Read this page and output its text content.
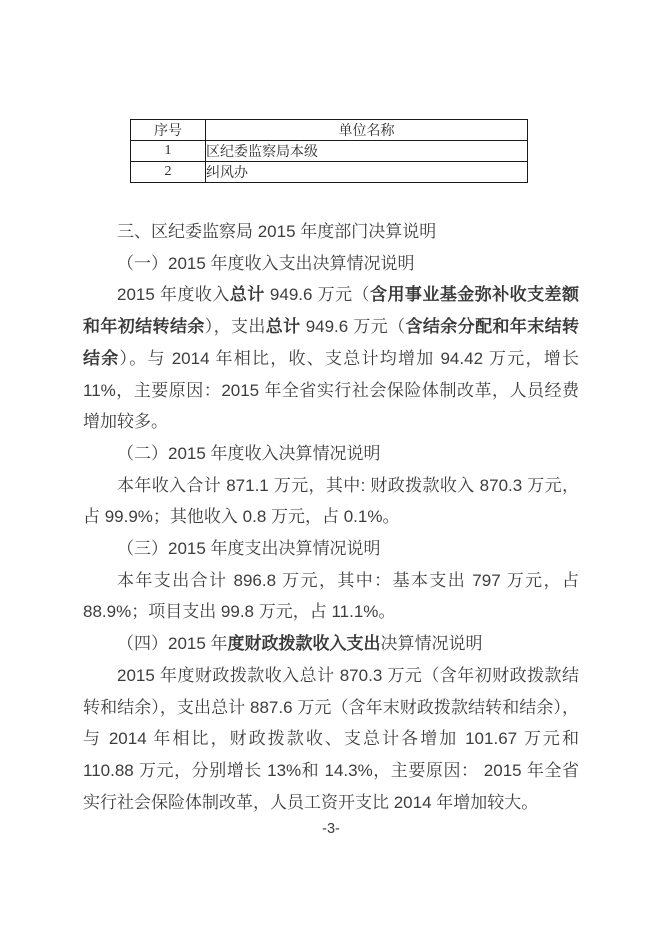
序号	单位名称
1	区纪委监察局本级
2	纠风办

三、区纪委监察局 2015 年度部门决算说明

（一）2015 年度收入支出决算情况说明

2015 年度收入总计 949.6 万元（含用事业基金弥补收支差额和年初结转结余），支出总计 949.6 万元（含结余分配和年末结转结余）。与 2014 年相比，收、支总计均增加 94.42 万元，增长 11%，主要原因：2015 年全省实行社会保险体制改革，人员经费增加较多。

（二）2015 年度收入决算情况说明

本年收入合计 871.1 万元，其中: 财政拨款收入 870.3 万元，占 99.9%；其他收入 0.8 万元，占 0.1%。

（三）2015 年度支出决算情况说明

本年支出合计 896.8 万元，其中：基本支出 797 万元，占 88.9%；项目支出 99.8 万元，占 11.1%。

（四）2015 年度财政拨款收入支出决算情况说明

2015 年度财政拨款收入总计 870.3 万元（含年初财政拨款结转和结余），支出总计 887.6 万元（含年末财政拨款结转和结余），与 2014 年相比，财政拨款收、支总计各增加 101.67 万元和 110.88 万元，分别增长 13%和 14.3%，主要原因： 2015 年全省实行社会保险体制改革，人员工资开支比 2014 年增加较大。

-3-
